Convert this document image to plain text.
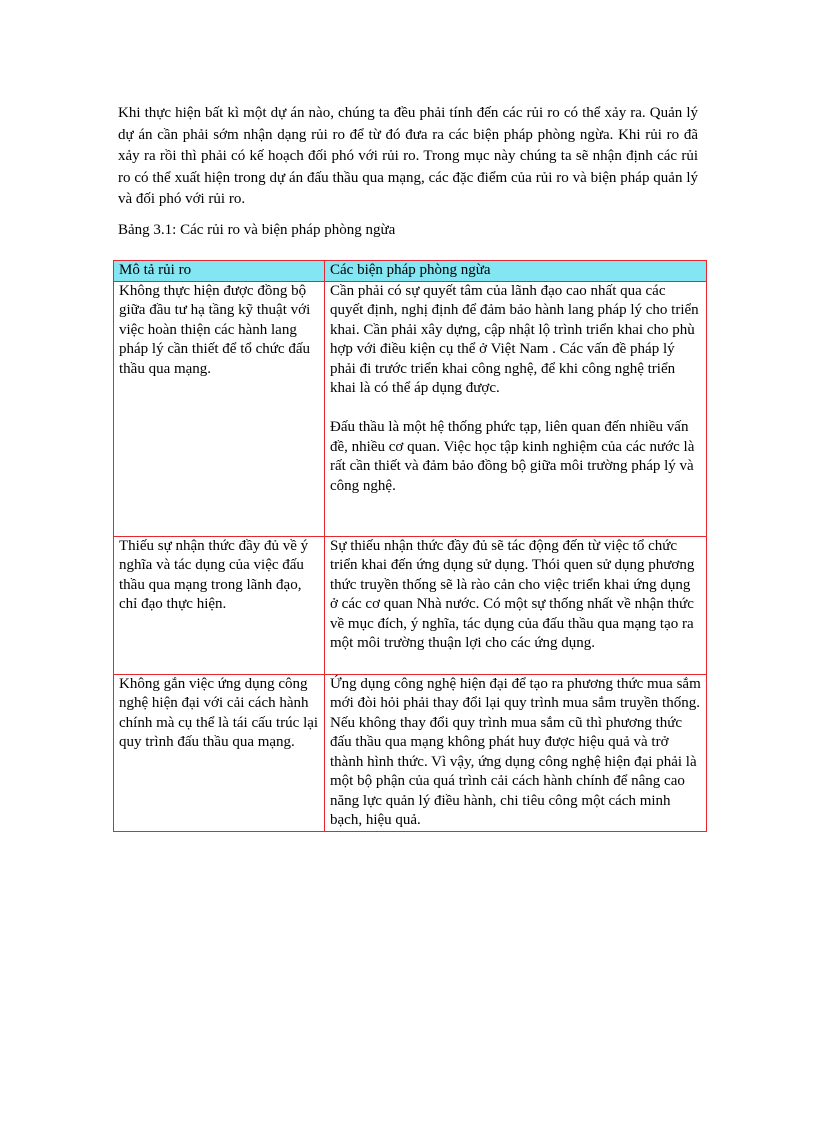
Khi thực hiện bất kì một dự án nào, chúng ta đều phải tính đến các rủi ro có thể xảy ra. Quản lý dự án cần phải sớm nhận dạng rủi ro để từ đó đưa ra các biện pháp phòng ngừa. Khi rủi ro đã xảy ra rồi thì phải có kế hoạch đối phó với rủi ro. Trong mục này chúng ta sẽ nhận định các rủi ro có thể xuất hiện trong dự án đấu thầu qua mạng, các đặc điểm của rủi ro và biện pháp quản lý và đối phó với rủi ro.

Bảng 3.1: Các rủi ro và biện pháp phòng ngừa

Mô tả rủi ro	Các biện pháp phòng ngừa
Không thực hiện được đồng bộ giữa đầu tư hạ tầng kỹ thuật với việc hoàn thiện các hành lang pháp lý cần thiết để tổ chức đấu thầu qua mạng.	Cần phải có sự quyết tâm của lãnh đạo cao nhất qua các quyết định, nghị định để đảm bảo hành lang pháp lý cho triển khai. Cần phải xây dựng, cập nhật lộ trình triển khai cho phù hợp với điều kiện cụ thể ở Việt Nam . Các vấn đề pháp lý phải đi trước triển khai công nghệ, để khi công nghệ triển khai là có thể áp dụng được.

Đấu thầu là một hệ thống phức tạp, liên quan đến nhiều vấn đề, nhiều cơ quan. Việc học tập kinh nghiệm của các nước là rất cần thiết và đảm bảo đồng bộ giữa môi trường pháp lý và công nghệ.

Thiếu sự nhận thức đầy đủ về ý nghĩa và tác dụng của việc đấu thầu qua mạng trong lãnh đạo, chỉ đạo thực hiện.	Sự thiếu nhận thức đầy đủ sẽ tác động đến từ việc tổ chức triển khai đến ứng dụng sử dụng. Thói quen sử dụng phương thức truyền thống sẽ là rào cản cho việc triển khai ứng dụng ở các cơ quan Nhà nước. Có một sự thống nhất về nhận thức về mục đích, ý nghĩa, tác dụng của đấu thầu qua mạng tạo ra một môi trường thuận lợi cho các ứng dụng.

Không gắn việc ứng dụng công nghệ hiện đại với cải cách hành chính mà cụ thể là tái cấu trúc lại quy trình đấu thầu qua mạng.	Ứng dụng công nghệ hiện đại để tạo ra phương thức mua sắm mới đòi hỏi phải thay đổi lại quy trình mua sắm truyền thống. Nếu không thay đổi quy trình mua sắm cũ thì phương thức đấu thầu qua mạng không phát huy được hiệu quả và trở thành hình thức. Vì vậy, ứng dụng công nghệ hiện đại phải là một bộ phận của quá trình cải cách hành chính để nâng cao năng lực quản lý điều hành, chi tiêu công một cách minh bạch, hiệu quả.
